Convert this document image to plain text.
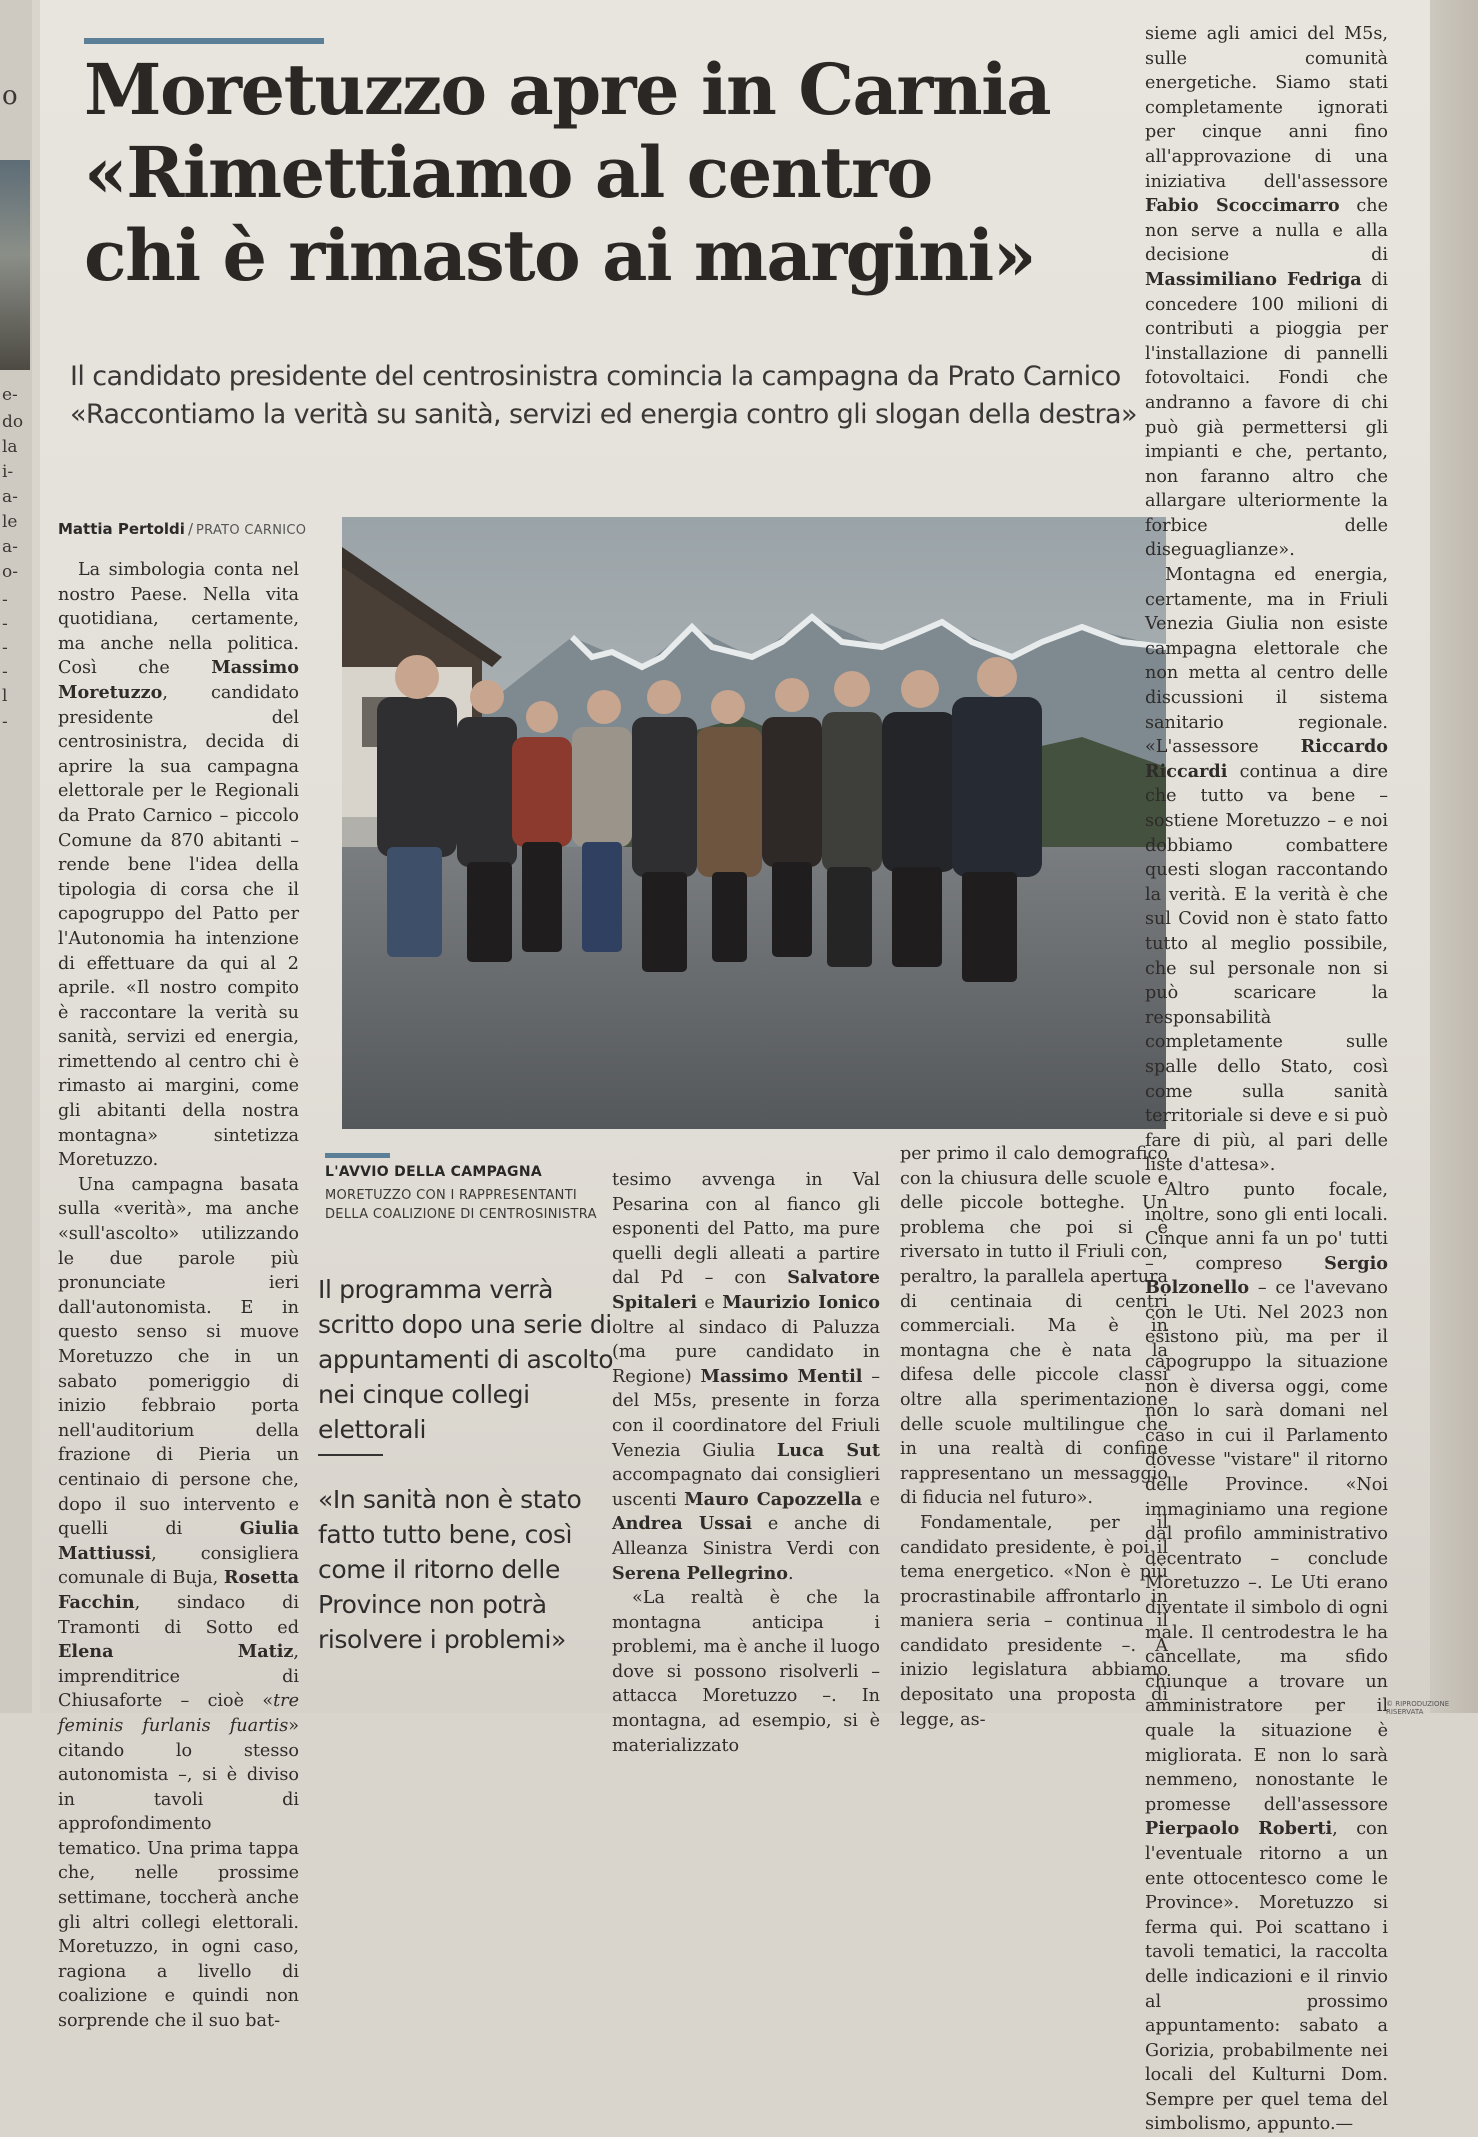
o
e-
do
la
i-
a-
le
a-
o-
-
-
-
-
l
-
Moretuzzo apre in Carnia
«Rimettiamo al centro
chi è rimasto ai margini»
Il candidato presidente del centrosinistra comincia la campagna da Prato Carnico
«Raccontiamo la verità su sanità, servizi ed energia contro gli slogan della destra»
Mattia Pertoldi / PRATO CARNICO

La simbologia conta nel nostro Paese. Nella vita quotidiana, certamente, ma anche nella politica. Così che Massimo Moretuzzo, candidato presidente del centrosinistra, decida di aprire la sua campagna elettorale per le Regionali da Prato Carnico – piccolo Comune da 870 abitanti – rende bene l'idea della tipologia di corsa che il capogruppo del Patto per l'Autonomia ha intenzione di effettuare da qui al 2 aprile. «Il nostro compito è raccontare la verità su sanità, servizi ed energia, rimettendo al centro chi è rimasto ai margini, come gli abitanti della nostra montagna» sintetizza Moretuzzo.

Una campagna basata sulla «verità», ma anche «sull'ascolto» utilizzando le due parole più pronunciate ieri dall'autonomista. E in questo senso si muove Moretuzzo che in un sabato pomeriggio di inizio febbraio porta nell'auditorium della frazione di Pieria un centinaio di persone che, dopo il suo intervento e quelli di Giulia Mattiussi, consigliera comunale di Buja, Rosetta Facchin, sindaco di Tramonti di Sotto ed Elena Matiz, imprenditrice di Chiusaforte – cioè «tre feminis furlanis fuartis» citando lo stesso autonomista –, si è diviso in tavoli di approfondimento tematico. Una prima tappa che, nelle prossime settimane, toccherà anche gli altri collegi elettorali. Moretuzzo, in ogni caso, ragiona a livello di coalizione e quindi non sorprende che il suo bat-

L'AVVIO DELLA CAMPAGNA
MORETUZZO CON I RAPPRESENTANTI DELLA COALIZIONE DI CENTROSINISTRA
Il programma verrà scritto dopo una serie di appuntamenti di ascolto nei cinque collegi elettorali
«In sanità non è stato fatto tutto bene, così come il ritorno delle Province non potrà risolvere i problemi»

tesimo avvenga in Val Pesarina con al fianco gli esponenti del Patto, ma pure quelli degli alleati a partire dal Pd – con Salvatore Spitaleri e Maurizio Ionico oltre al sindaco di Paluzza (ma pure candidato in Regione) Massimo Mentil – del M5s, presente in forza con il coordinatore del Friuli Venezia Giulia Luca Sut accompagnato dai consiglieri uscenti Mauro Capozzella e Andrea Ussai e anche di Alleanza Sinistra Verdi con Serena Pellegrino.

«La realtà è che la montagna anticipa i problemi, ma è anche il luogo dove si possono risolverli – attacca Moretuzzo –. In montagna, ad esempio, si è materializzato

per primo il calo demografico con la chiusura delle scuole e delle piccole botteghe. Un problema che poi si è riversato in tutto il Friuli con, peraltro, la parallela apertura di centinaia di centri commerciali. Ma è in montagna che è nata la difesa delle piccole classi oltre alla sperimentazione delle scuole multilingue che in una realtà di confine rappresentano un messaggio di fiducia nel futuro».

Fondamentale, per il candidato presidente, è poi il tema energetico. «Non è più procrastinabile affrontarlo in maniera seria – continua il candidato presidente –. A inizio legislatura abbiamo depositato una proposta di legge, as-

sieme agli amici del M5s, sulle comunità energetiche. Siamo stati completamente ignorati per cinque anni fino all'approvazione di una iniziativa dell'assessore Fabio Scoccimarro che non serve a nulla e alla decisione di Massimiliano Fedriga di concedere 100 milioni di contributi a pioggia per l'installazione di pannelli fotovoltaici. Fondi che andranno a favore di chi può già permettersi gli impianti e che, pertanto, non faranno altro che allargare ulteriormente la forbice delle diseguaglianze».

Montagna ed energia, certamente, ma in Friuli Venezia Giulia non esiste campagna elettorale che non metta al centro delle discussioni il sistema sanitario regionale. «L'assessore Riccardo Riccardi continua a dire che tutto va bene – sostiene Moretuzzo – e noi dobbiamo combattere questi slogan raccontando la verità. E la verità è che sul Covid non è stato fatto tutto al meglio possibile, che sul personale non si può scaricare la responsabilità completamente sulle spalle dello Stato, così come sulla sanità territoriale si deve e si può fare di più, al pari delle liste d'attesa».

Altro punto focale, inoltre, sono gli enti locali. Cinque anni fa un po' tutti – compreso Sergio Bolzonello – ce l'avevano con le Uti. Nel 2023 non esistono più, ma per il capogruppo la situazione non è diversa oggi, come non lo sarà domani nel caso in cui il Parlamento dovesse "vistare" il ritorno delle Province. «Noi immaginiamo una regione dal profilo amministrativo decentrato – conclude Moretuzzo –. Le Uti erano diventate il simbolo di ogni male. Il centrodestra le ha cancellate, ma sfido chiunque a trovare un amministratore per il quale la situazione è migliorata. E non lo sarà nemmeno, nonostante le promesse dell'assessore Pierpaolo Roberti, con l'eventuale ritorno a un ente ottocentesco come le Province». Moretuzzo si ferma qui. Poi scattano i tavoli tematici, la raccolta delle indicazioni e il rinvio al prossimo appuntamento: sabato a Gorizia, probabilmente nei locali del Kulturni Dom. Sempre per quel tema del simbolismo, appunto.—

© RIPRODUZIONE RISERVATA
